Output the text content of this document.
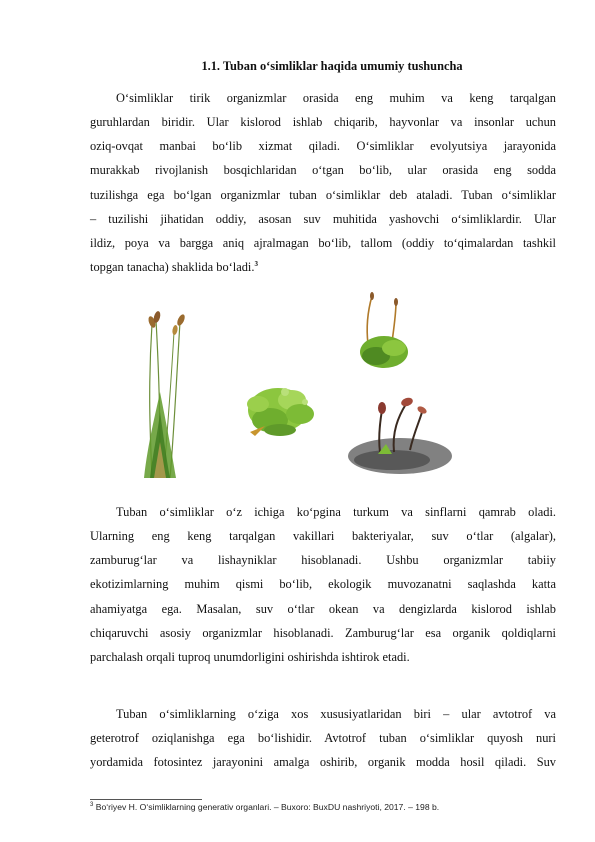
1.1. Tuban o‘simliklar haqida umumiy tushuncha
O‘simliklar tirik organizmlar orasida eng muhim va keng tarqalgan
guruhlardan biridir. Ular kislorod ishlab chiqarib, hayvonlar va insonlar uchun
oziq-ovqat manbai bo‘lib xizmat qiladi. O‘simliklar evolyutsiya jarayonida
murakkab rivojlanish bosqichlaridan o‘tgan bo‘lib, ular orasida eng sodda
tuzilishga ega bo‘lgan organizmlar tuban o‘simliklar deb ataladi. Tuban o‘simliklar
– tuzilishi jihatidan oddiy, asosan suv muhitida yashovchi o‘simliklardir. Ular
ildiz, poya va bargga aniq ajralmagan bo‘lib, tallom (oddiy to‘qimalardan tashkil
topgan tanacha) shaklida bo‘ladi.$^3$
Tuban o‘simliklar o‘z ichiga ko‘pgina turkum va sinflarni qamrab oladi.
Ularning eng keng tarqalgan vakillari bakteriyalar, suv o‘tlar (algalar),
zamburug‘lar va lishayniklar hisoblanadi. Ushbu organizmlar tabiiy
ekotizimlarning muhim qismi bo‘lib, ekologik muvozanatni saqlashda katta
ahamiyatga ega. Masalan, suv o‘tlar okean va dengizlarda kislorod ishlab
chiqaruvchi asosiy organizmlar hisoblanadi. Zamburug‘lar esa organik qoldiqlarni
parchalash orqali tuproq unumdorligini oshirishda ishtirok etadi.
Tuban o‘simliklarning o‘ziga xos xususiyatlaridan biri – ular avtotrof va
geterotrof oziqlanishga ega bo‘lishidir. Avtotrof tuban o‘simliklar quyosh nuri
yordamida fotosintez jarayonini amalga oshirib, organik modda hosil qiladi. Suv
$^3$ Bo‘riyev H. O‘simliklarning generativ organlari. – Buxoro: BuxDU nashriyoti, 2017. – 198 b.
